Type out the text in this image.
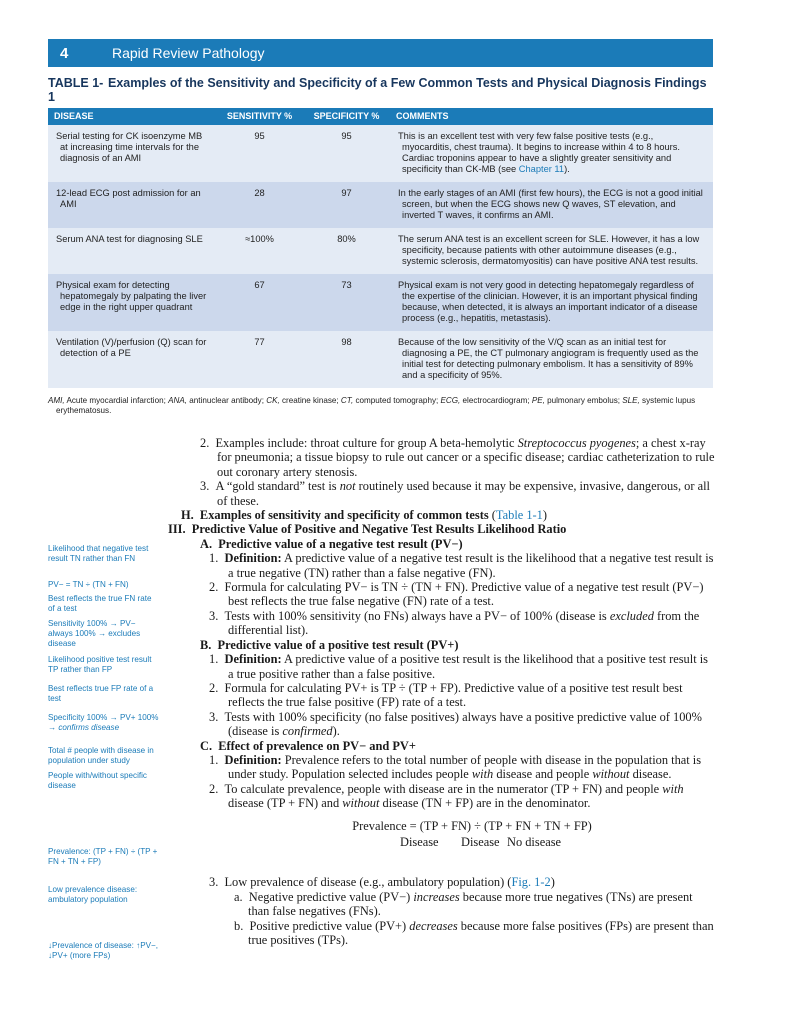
4	Rapid Review Pathology
TABLE 1-1Examples of the Sensitivity and Specificity of a Few Common Tests and Physical Diagnosis Findings
DISEASE	SENSITIVITY %	SPECIFICITY %	COMMENTS
Serial testing for CK isoenzyme MB at increasing time intervals for the diagnosis of an AMI	95	95	This is an excellent test with very few false positive tests (e.g., myocarditis, chest trauma). It begins to increase within 4 to 8 hours. Cardiac troponins appear to have a slightly greater sensitivity and specificity than CK-MB (see Chapter 11).
12-lead ECG post admission for an AMI	28	97	In the early stages of an AMI (first few hours), the ECG is not a good initial screen, but when the ECG shows new Q waves, ST elevation, and inverted T waves, it confirms an AMI.
Serum ANA test for diagnosing SLE	≈100%	80%	The serum ANA test is an excellent screen for SLE. However, it has a low specificity, because patients with other autoimmune diseases (e.g., systemic sclerosis, dermatomyositis) can have positive ANA test results.
Physical exam for detecting hepatomegaly by palpating the liver edge in the right upper quadrant	67	73	Physical exam is not very good in detecting hepatomegaly regardless of the expertise of the clinician. However, it is an important physical finding because, when detected, it is always an important indicator of a disease process (e.g., hepatitis, metastasis).
Ventilation (V)/perfusion (Q) scan for detection of a PE	77	98	Because of the low sensitivity of the V/Q scan as an initial test for diagnosing a PE, the CT pulmonary angiogram is frequently used as the initial test for detecting pulmonary embolism. It has a sensitivity of 89% and a specificity of 95%.
AMI, Acute myocardial infarction; ANA, antinuclear antibody; CK, creatine kinase; CT, computed tomography; ECG, electrocardiogram; PE, pulmonary embolus; SLE, systemic lupus erythematosus.
Likelihood that negative test result TN rather than FN
PV− = TN ÷ (TN + FN)
Best reflects the true FN rate of a test
Sensitivity 100% → PV− always 100% → excludes disease
Likelihood positive test result TP rather than FP
Best reflects true FP rate of a test
Specificity 100% → PV+ 100% → confirms disease
Total # people with disease in population under study
People with/without specific disease
Prevalence: (TP + FN) ÷ (TP + FN + TN + FP)
Low prevalence disease: ambulatory population
↓Prevalence of disease: ↑PV−, ↓PV+ (more FPs)
2. Examples include: throat culture for group A beta-hemolytic Streptococcus pyogenes; a chest x-ray for pneumonia; a tissue biopsy to rule out cancer or a specific disease; cardiac catheterization to rule out coronary artery stenosis.
3. A “gold standard” test is not routinely used because it may be expensive, invasive, dangerous, or all of these.
H. Examples of sensitivity and specificity of common tests (Table 1-1)
III. Predictive Value of Positive and Negative Test Results Likelihood Ratio
A. Predictive value of a negative test result (PV−)
1. Definition: A predictive value of a negative test result is the likelihood that a negative test result is a true negative (TN) rather than a false negative (FN).
2. Formula for calculating PV− is TN ÷ (TN + FN). Predictive value of a negative test result (PV−) best reflects the true false negative (FN) rate of a test.
3. Tests with 100% sensitivity (no FNs) always have a PV− of 100% (disease is excluded from the differential list).
B. Predictive value of a positive test result (PV+)
1. Definition: A predictive value of a positive test result is the likelihood that a positive test result is a true positive rather than a false positive.
2. Formula for calculating PV+ is TP ÷ (TP + FP). Predictive value of a positive test result best reflects the true false positive (FP) rate of a test.
3. Tests with 100% specificity (no false positives) always have a positive predictive value of 100% (disease is confirmed).
C. Effect of prevalence on PV− and PV+
1. Definition: Prevalence refers to the total number of people with disease in the population that is under study. Population selected includes people with disease and people without disease.
2. To calculate prevalence, people with disease are in the numerator (TP + FN) and people with disease (TP + FN) and without disease (TN + FP) are in the denominator.
Prevalence = (TP + FN) ÷ (TP + FN + TN + FP)
Disease Disease No disease
3. Low prevalence of disease (e.g., ambulatory population) (Fig. 1-2)
a. Negative predictive value (PV−) increases because more true negatives (TNs) are present than false negatives (FNs).
b. Positive predictive value (PV+) decreases because more false positives (FPs) are present than true positives (TPs).
